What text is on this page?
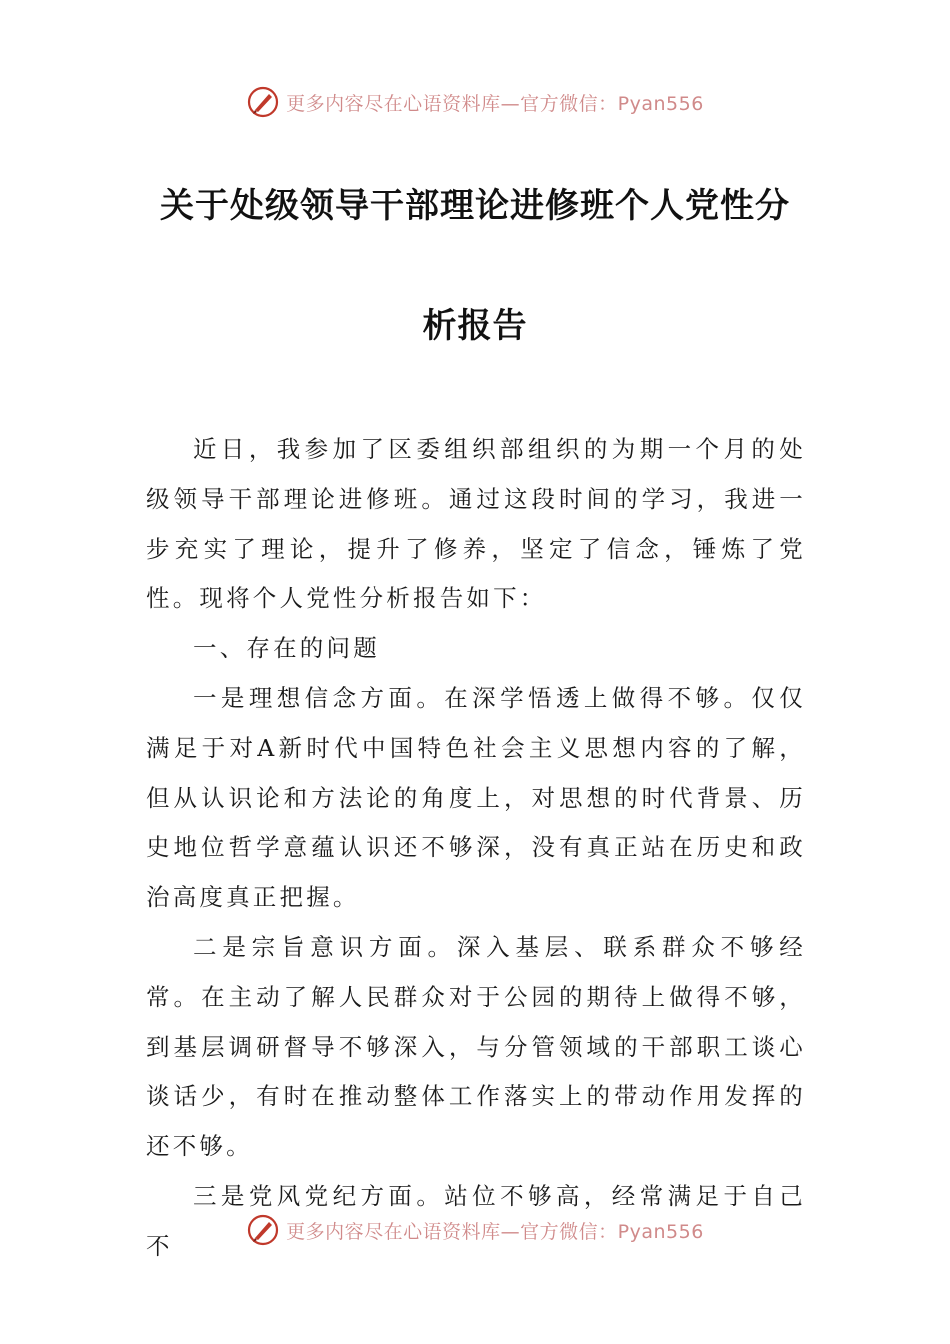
更多内容尽在心语资料库—官方微信：Pyan556
关于处级领导干部理论进修班个人党性分
析报告

近日，我参加了区委组织部组织的为期一个月的处级领导干部理论进修班。通过这段时间的学习，我进一步充实了理论，提升了修养，坚定了信念，锤炼了党性。现将个人党性分析报告如下：

一、存在的问题

一是理想信念方面。在深学悟透上做得不够。仅仅满足于对A新时代中国特色社会主义思想内容的了解，但从认识论和方法论的角度上，对思想的时代背景、历史地位哲学意蕴认识还不够深，没有真正站在历史和政治高度真正把握。

二是宗旨意识方面。深入基层、联系群众不够经常。在主动了解人民群众对于公园的期待上做得不够，到基层调研督导不够深入，与分管领域的干部职工谈心谈话少，有时在推动整体工作落实上的带动作用发挥的还不够。

三是党风党纪方面。站位不够高，经常满足于自己不

更多内容尽在心语资料库—官方微信：Pyan556
